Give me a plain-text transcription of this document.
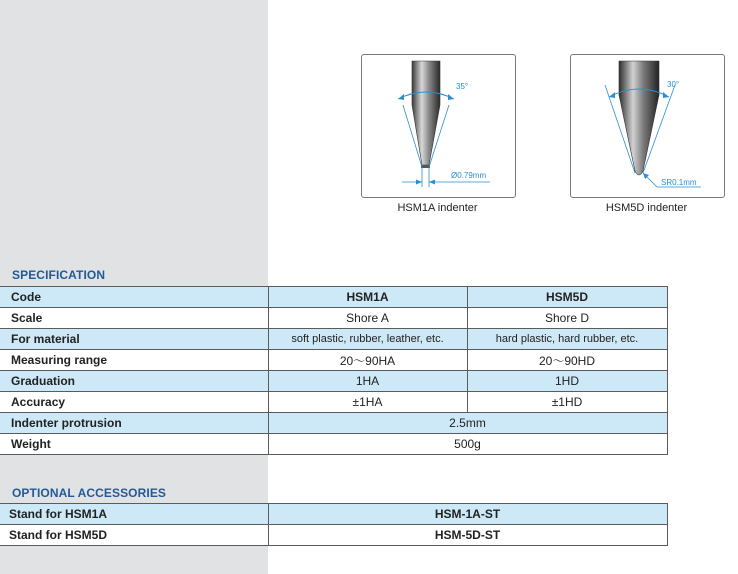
35°
Ø0.79mm
HSM1A indenter
30°
SR0.1mm
HSM5D indenter
SPECIFICATION
Code	HSM1A	HSM5D
Scale	Shore A	Shore D
For material	soft plastic, rubber, leather, etc.	hard plastic, hard rubber, etc.
Measuring range	20～90HA	20～90HD
Graduation	1HA	1HD
Accuracy	±1HA	±1HD
Indenter protrusion	2.5mm	
Weight	500g	
OPTIONAL ACCESSORIES
Stand for HSM1A	HSM-1A-ST
Stand for HSM5D	HSM-5D-ST
